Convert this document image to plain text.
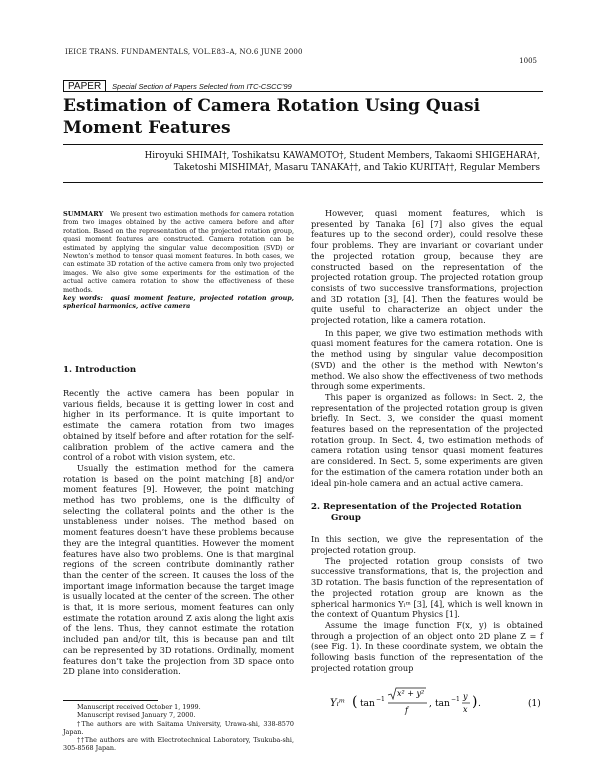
IEICE TRANS. FUNDAMENTALS, VOL.E83–A, NO.6 JUNE 2000
1005
PAPER Special Section of Papers Selected from ITC-CSCC’99
Estimation of Camera Rotation Using Quasi Moment Features
Hiroyuki SHIMAI†, Toshikatsu KAWAMOTO†, Student Members, Takaomi SHIGEHARA†,
Taketoshi MISHIMA†, Masaru TANAKA††, and Takio KURITA††, Regular Members

SUMMARY We present two estimation methods for camera rotation from two images obtained by the active camera before and after rotation. Based on the representation of the projected rotation group, quasi moment features are constructed. Camera rotation can be estimated by applying the singular value decomposition (SVD) or Newton’s method to tensor quasi moment features. In both cases, we can estimate 3D rotation of the active camera from only two projected images. We also give some experiments for the estimation of the actual active camera rotation to show the effectiveness of these methods.

key words: quasi moment feature, projected rotation group, spherical harmonics, active camera

1. Introduction

Recently the active camera has been popular in various fields, because it is getting lower in cost and higher in its performance. It is quite important to estimate the camera rotation from two images obtained by itself before and after rotation for the self-calibration problem of the active camera and the control of a robot with vision system, etc.

Usually the estimation method for the camera rotation is based on the point matching [8] and/or moment features [9]. However, the point matching method has two problems, one is the difficulty of selecting the collateral points and the other is the unstableness under noises. The method based on moment features doesn’t have these problems because they are the integral quantities. However the moment features have also two problems. One is that marginal regions of the screen contribute dominantly rather than the center of the screen. It causes the loss of the important image information because the target image is usually located at the center of the screen. The other is that, it is more serious, moment features can only estimate the rotation around Z axis along the light axis of the lens. Thus, they cannot estimate the rotation included pan and/or tilt, this is because pan and tilt can be represented by 3D rotations. Ordinally, moment features don’t take the projection from 3D space onto 2D plane into consideration.

Manuscript received October 1, 1999.

Manuscript revised January 7, 2000.

†The authors are with Saitama University, Urawa-shi, 338-8570 Japan.

††The authors are with Electrotechnical Laboratory, Tsukuba-shi, 305-8568 Japan.

However, quasi moment features, which is presented by Tanaka [6] [7] also gives the equal features up to the second order), could resolve these four problems. They are invariant or covariant under the projected rotation group, because they are constructed based on the representation of the projected rotation group. The projected rotation group consists of two successive transformations, projection and 3D rotation [3], [4]. Then the features would be quite useful to characterize an object under the projected rotation, like a camera rotation.

In this paper, we give two estimation methods with quasi moment features for the camera rotation. One is the method using by singular value decomposition (SVD) and the other is the method with Newton’s method. We also show the effectiveness of two methods through some experiments.

This paper is organized as follows: in Sect. 2, the representation of the projected rotation group is given briefly. In Sect. 3, we consider the quasi moment features based on the representation of the projected rotation group. In Sect. 4, two estimation methods of camera rotation using tensor quasi moment features are considered. In Sect. 5, some experiments are given for the estimation of the camera rotation under both an ideal pin-hole camera and an actual active camera.

2. Representation of the Projected Rotation
Group

In this section, we give the representation of the projected rotation group.

The projected rotation group consists of two successive transformations, that is, the projection and 3D rotation. The basis function of the representation of the projected rotation group are known as the spherical harmonics Yₗᵐ [3], [4], which is well known in the context of Quantum Physics [1].

Assume the image function F(x, y) is obtained through a projection of an object onto 2D plane Z = f (see Fig. 1). In these coordinate system, we obtain the following basis function of the representation of the projected rotation group

Yₗᵐ ( tan −1
x² + y²
f
, tan −1 y
x ) .	(1)
